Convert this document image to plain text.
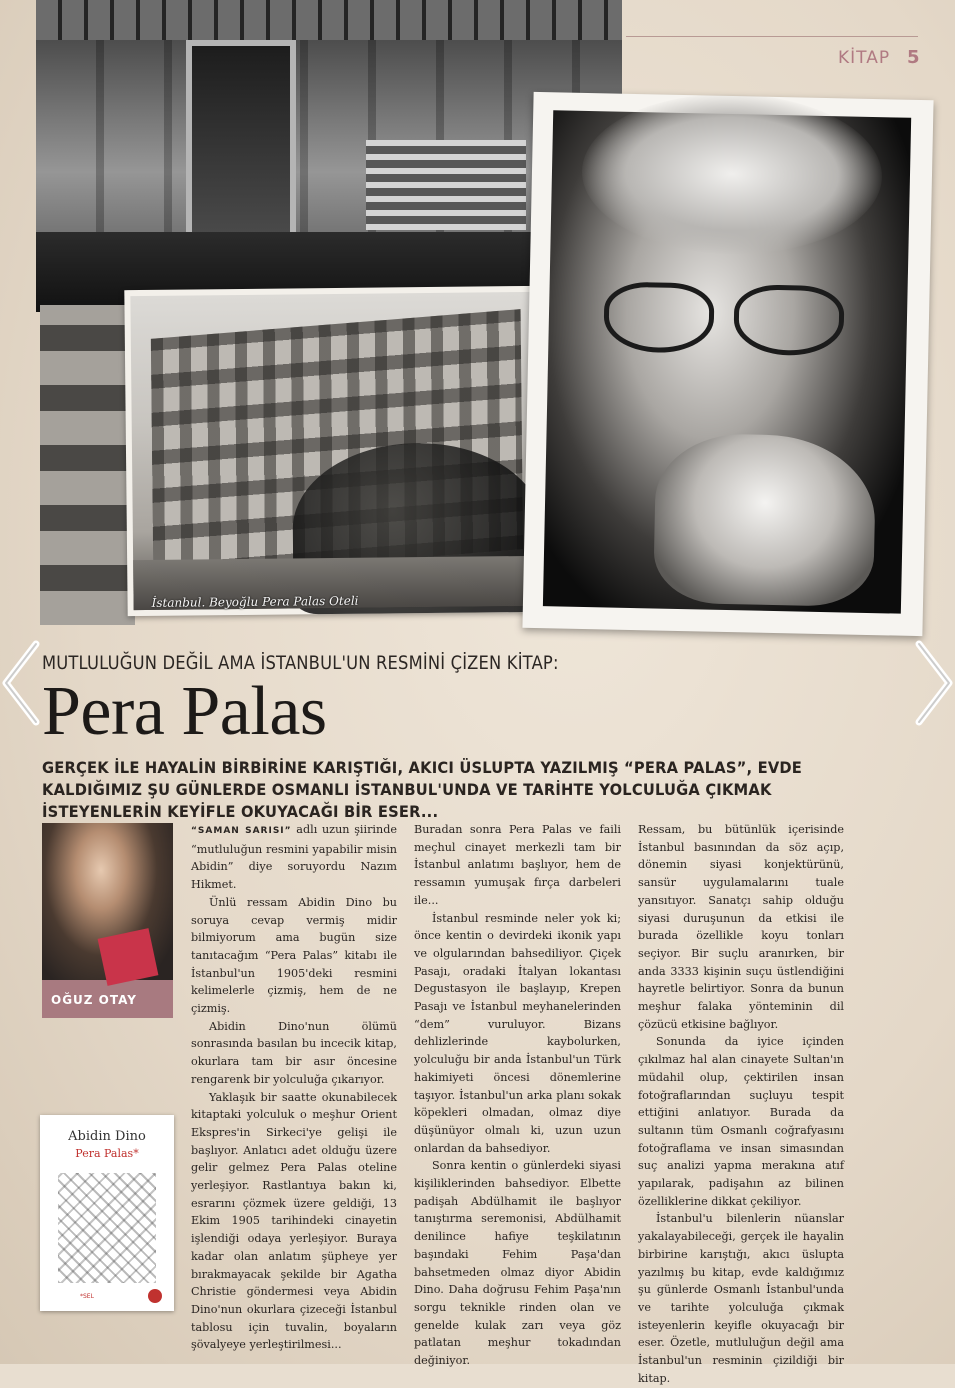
KİTAP 5
İstanbul. Beyoğlu Pera Palas Oteli
MUTLULUĞUN DEĞİL AMA İSTANBUL'UN RESMİNİ ÇİZEN KİTAP:
Pera Palas
GERÇEK İLE HAYALİN BİRBİRİNE KARIŞTIĞI, AKICI ÜSLUPTA YAZILMIŞ “PERA PALAS”, EVDE KALDIĞIMIZ ŞU GÜNLERDE OSMANLI İSTANBUL'UNDA VE TARİHTE YOLCULUĞA ÇIKMAK İSTEYENLERİN KEYİFLE OKUYACAĞI BİR ESER...
OĞUZ OTAY
Abidin Dino
Pera Palas*
*SEL

“SAMAN SARISI” adlı uzun şiirinde “mutluluğun resmini yapabilir misin Abidin” diye soruyordu Nazım Hikmet.

Ünlü ressam Abidin Dino bu soruya cevap vermiş midir bilmiyorum ama bugün size tanıtacağım “Pera Palas” kitabı ile İstanbul'un 1905'deki resmini kelimelerle çizmiş, hem de ne çizmiş.

Abidin Dino'nun ölümü sonrasında basılan bu incecik kitap, okurlara tam bir asır öncesine rengarenk bir yolculuğa çıkarıyor.

Yaklaşık bir saatte okunabilecek kitaptaki yolculuk o meşhur Orient Ekspres'in Sirkeci'ye gelişi ile başlıyor. Anlatıcı adet olduğu üzere gelir gelmez Pera Palas oteline yerleşiyor. Rastlantıya bakın ki, esrarını çözmek üzere geldiği, 13 Ekim 1905 tarihindeki cinayetin işlendiği odaya yerleşiyor. Buraya kadar olan anlatım şüpheye yer bırakmayacak şekilde bir Agatha Christie göndermesi veya Abidin Dino'nun okurlara çizeceği İstanbul tablosu için tuvalin, boyaların şövalyeye yerleştirilmesi...

Buradan sonra Pera Palas ve faili meçhul cinayet merkezli tam bir İstanbul anlatımı başlıyor, hem de ressamın yumuşak fırça darbeleri ile...

İstanbul resminde neler yok ki; önce kentin o devirdeki ikonik yapı ve olgularından bahsediliyor. Çiçek Pasajı, oradaki İtalyan lokantası Degustasyon ile başlayıp, Krepen Pasajı ve İstanbul meyhanelerinden “dem” vuruluyor. Bizans dehlizlerinde kaybolurken, yolculuğu bir anda İstanbul'un Türk hakimiyeti öncesi dönemlerine taşıyor. İstanbul'un arka planı sokak köpekleri olmadan, olmaz diye düşünüyor olmalı ki, uzun uzun onlardan da bahsediyor.

Sonra kentin o günlerdeki siyasi kişiliklerinden bahsediyor. Elbette padişah Abdülhamit ile başlıyor tanıştırma seremonisi, Abdülhamit denilince hafiye teşkilatının başındaki Fehim Paşa'dan bahsetmeden olmaz diyor Abidin Dino. Daha doğrusu Fehim Paşa'nın sorgu teknikle rinden olan ve genelde kulak zarı veya göz patlatan meşhur tokadından değiniyor.

Ressam, bu bütünlük içerisinde İstanbul basınından da söz açıp, dönemin siyasi konjektürünü, sansür uygulamalarını tuale yansıtıyor. Sanatçı sahip olduğu siyasi duruşunun da etkisi ile burada özellikle koyu tonları seçiyor. Bir suçlu aranırken, bir anda 3333 kişinin suçu üstlendiğini hayretle belirtiyor. Sonra da bunun meşhur falaka yönteminin dil çözücü etkisine bağlıyor.

Sonunda da iyice içinden çıkılmaz hal alan cinayete Sultan'ın müdahil olup, çektirilen insan fotoğraflarından suçluyu tespit ettiğini anlatıyor. Burada da sultanın tüm Osmanlı coğrafyasını fotoğraflama ve insan simasından suç analizi yapma merakına atıf yapılarak, padişahın az bilinen özelliklerine dikkat çekiliyor.

İstanbul'u bilenlerin nüanslar yakalayabileceği, gerçek ile hayalin birbirine karıştığı, akıcı üslupta yazılmış bu kitap, evde kaldığımız şu günlerde Osmanlı İstanbul'unda ve tarihte yolculuğa çıkmak isteyenlerin keyifle okuyacağı bir eser. Özetle, mutluluğun değil ama İstanbul'un resminin çizildiği bir kitap.
